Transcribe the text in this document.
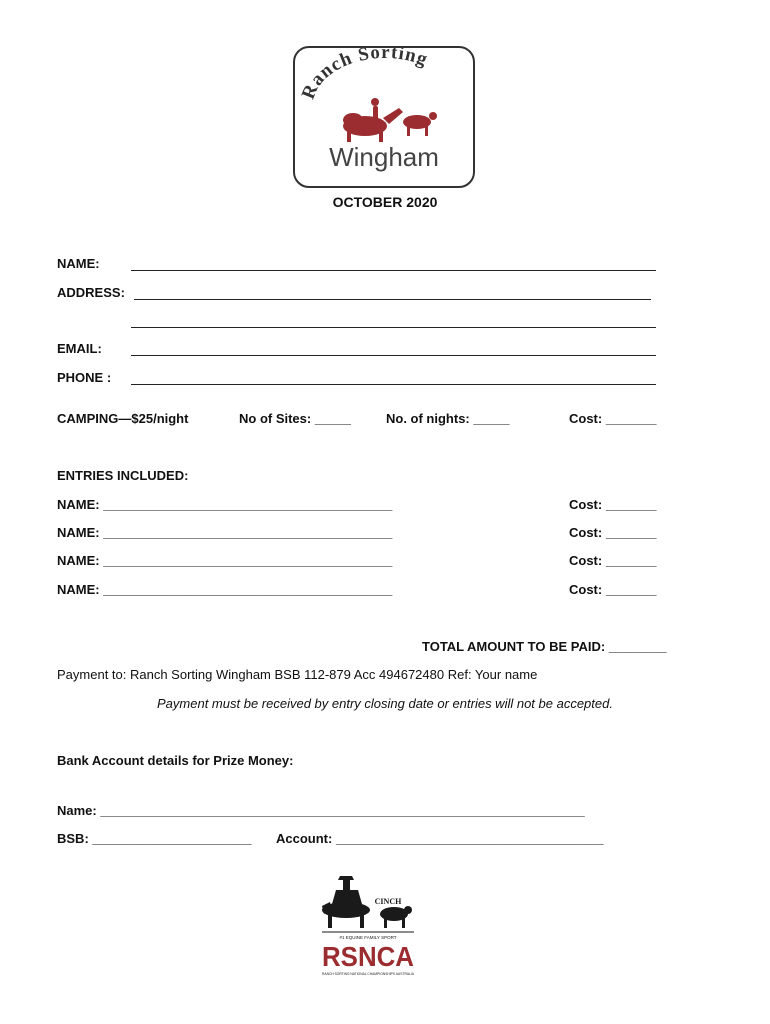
Ranch Sorting
Wingham
OCTOBER 2020
NAME:
ADDRESS:
EMAIL:
PHONE :
CAMPING—$25/night	No of Sites: _____	No. of nights: _____	Cost: _______
ENTRIES INCLUDED:
NAME: ________________________________________	Cost: _______
NAME: ________________________________________	Cost: _______
NAME: ________________________________________	Cost: _______
NAME: ________________________________________	Cost: _______
TOTAL AMOUNT TO BE PAID: ________
Payment to: Ranch Sorting Wingham BSB 112-879 Acc 494672480 Ref: Your name
Payment must be received by entry closing date or entries will not be accepted.
Bank Account details for Prize Money:
Name: ___________________________________________________________________
BSB: ______________________ Account: _____________________________________
CINCH
#1 EQUINE FAMILY SPORT
RSNCA
RANCH SORTING NATIONAL CHAMPIONSHIPS AUSTRALIA
